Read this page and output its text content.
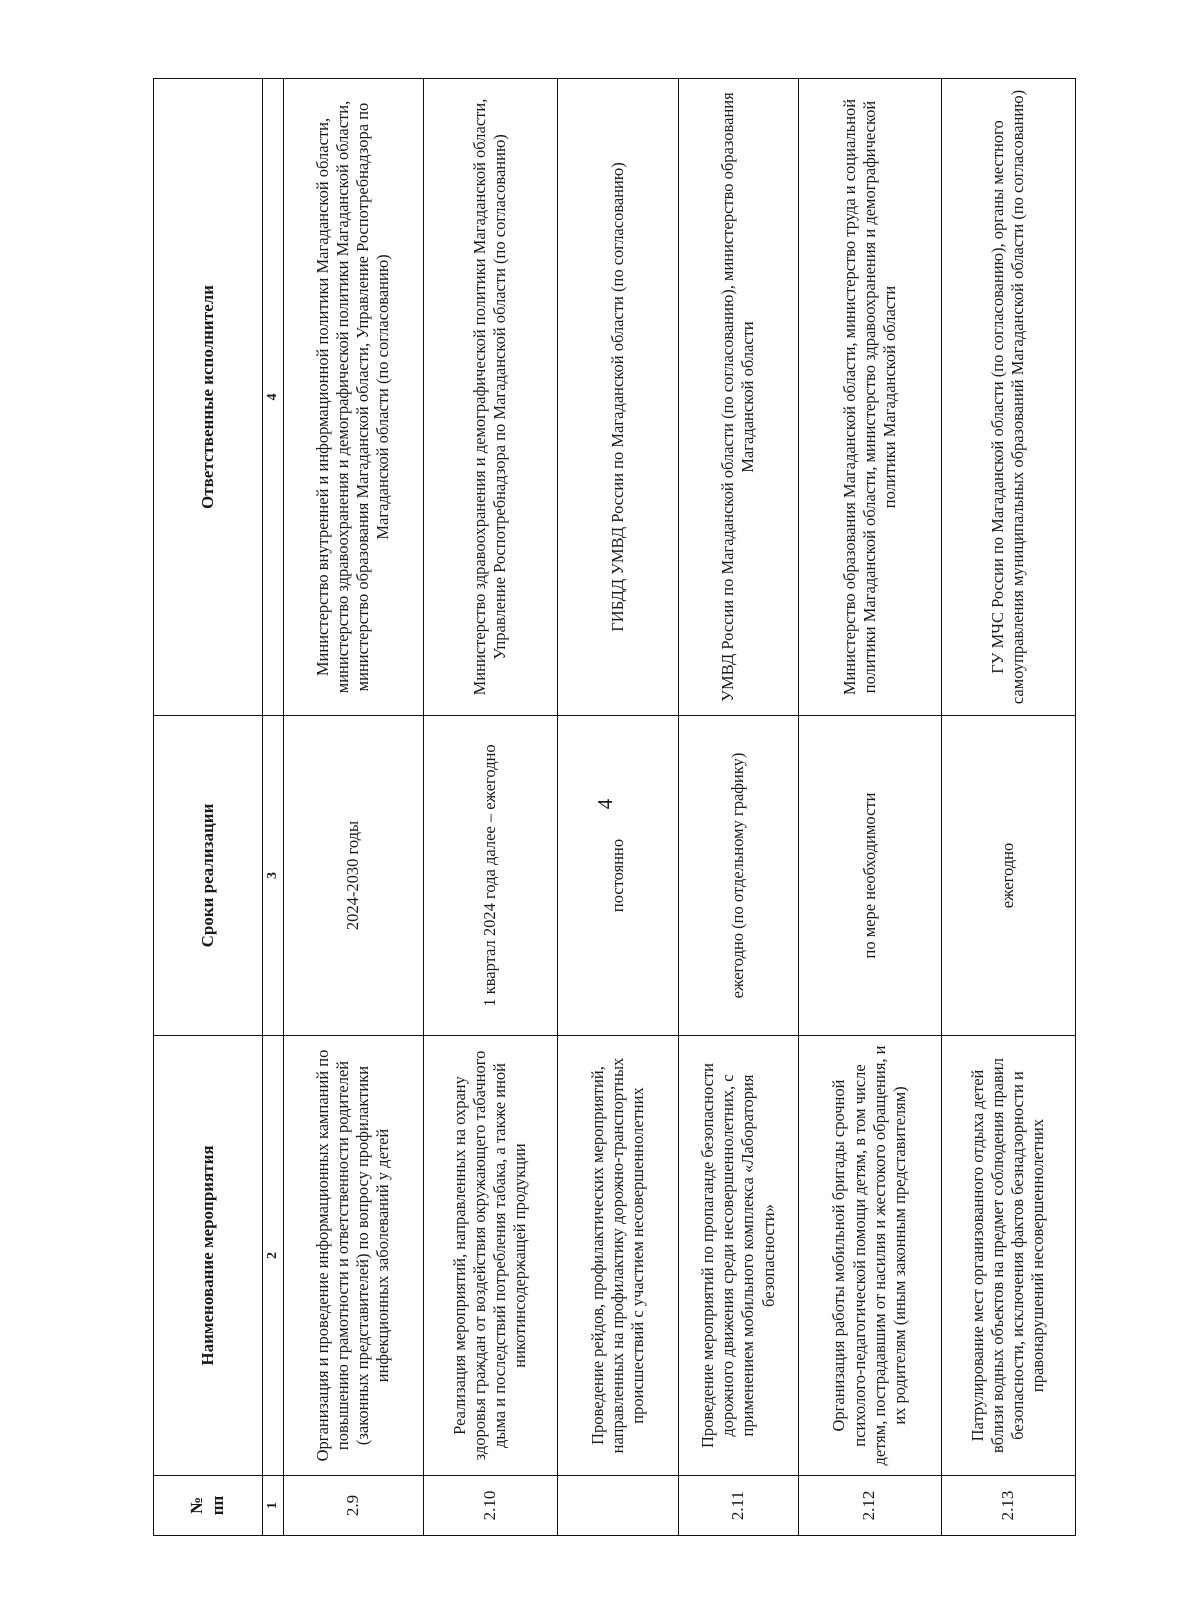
4
№
пп	Наименование мероприятия	Сроки реализации	Ответственные исполнители
1	2	3	4
2.9	Организация и проведение информационных кампаний по повышению грамотности и ответственности родителей (законных представителей) по вопросу профилактики инфекционных заболеваний у детей	2024-2030 годы	Министерство внутренней и информационной политики Магаданской области, министерство здравоохранения и демографической политики Магаданской области, министерство образования Магаданской области, Управление Роспотребнадзора по Магаданской области (по согласованию)
2.10	Реализация мероприятий, направленных на охрану здоровья граждан от воздействия окружающего табачного дыма и последствий потребления табака, а также иной никотинсодержащей продукции	1 квартал 2024 года далее – ежегодно	Министерство здравоохранения и демографической политики Магаданской области, Управление Роспотребнадзора по Магаданской области (по согласованию)
	Проведение рейдов, профилактических мероприятий, направленных на профилактику дорожно-транспортных происшествий с участием несовершеннолетних	постоянно	ГИБДД УМВД России по Магаданской области (по согласованию)
2.11	Проведение мероприятий по пропаганде безопасности дорожного движения среди несовершеннолетних, с применением мобильного комплекса «Лаборатория безопасности»	ежегодно (по отдельному графику)	УМВД России по Магаданской области (по согласованию), министерство образования Магаданской области
2.12	Организация работы мобильной бригады срочной психолого-педагогической помощи детям, в том числе детям, пострадавшим от насилия и жестокого обращения, и их родителям (иным законным представителям)	по мере необходимости	Министерство образования Магаданской области, министерство труда и социальной политики Магаданской области, министерство здравоохранения и демографической политики Магаданской области
2.13	Патрулирование мест организованного отдыха детей вблизи водных объектов на предмет соблюдения правил безопасности, исключения фактов безнадзорности и правонарушений несовершеннолетних	ежегодно	ГУ МЧС России по Магаданской области (по согласованию), органы местного самоуправления муниципальных образований Магаданской области (по согласованию)
